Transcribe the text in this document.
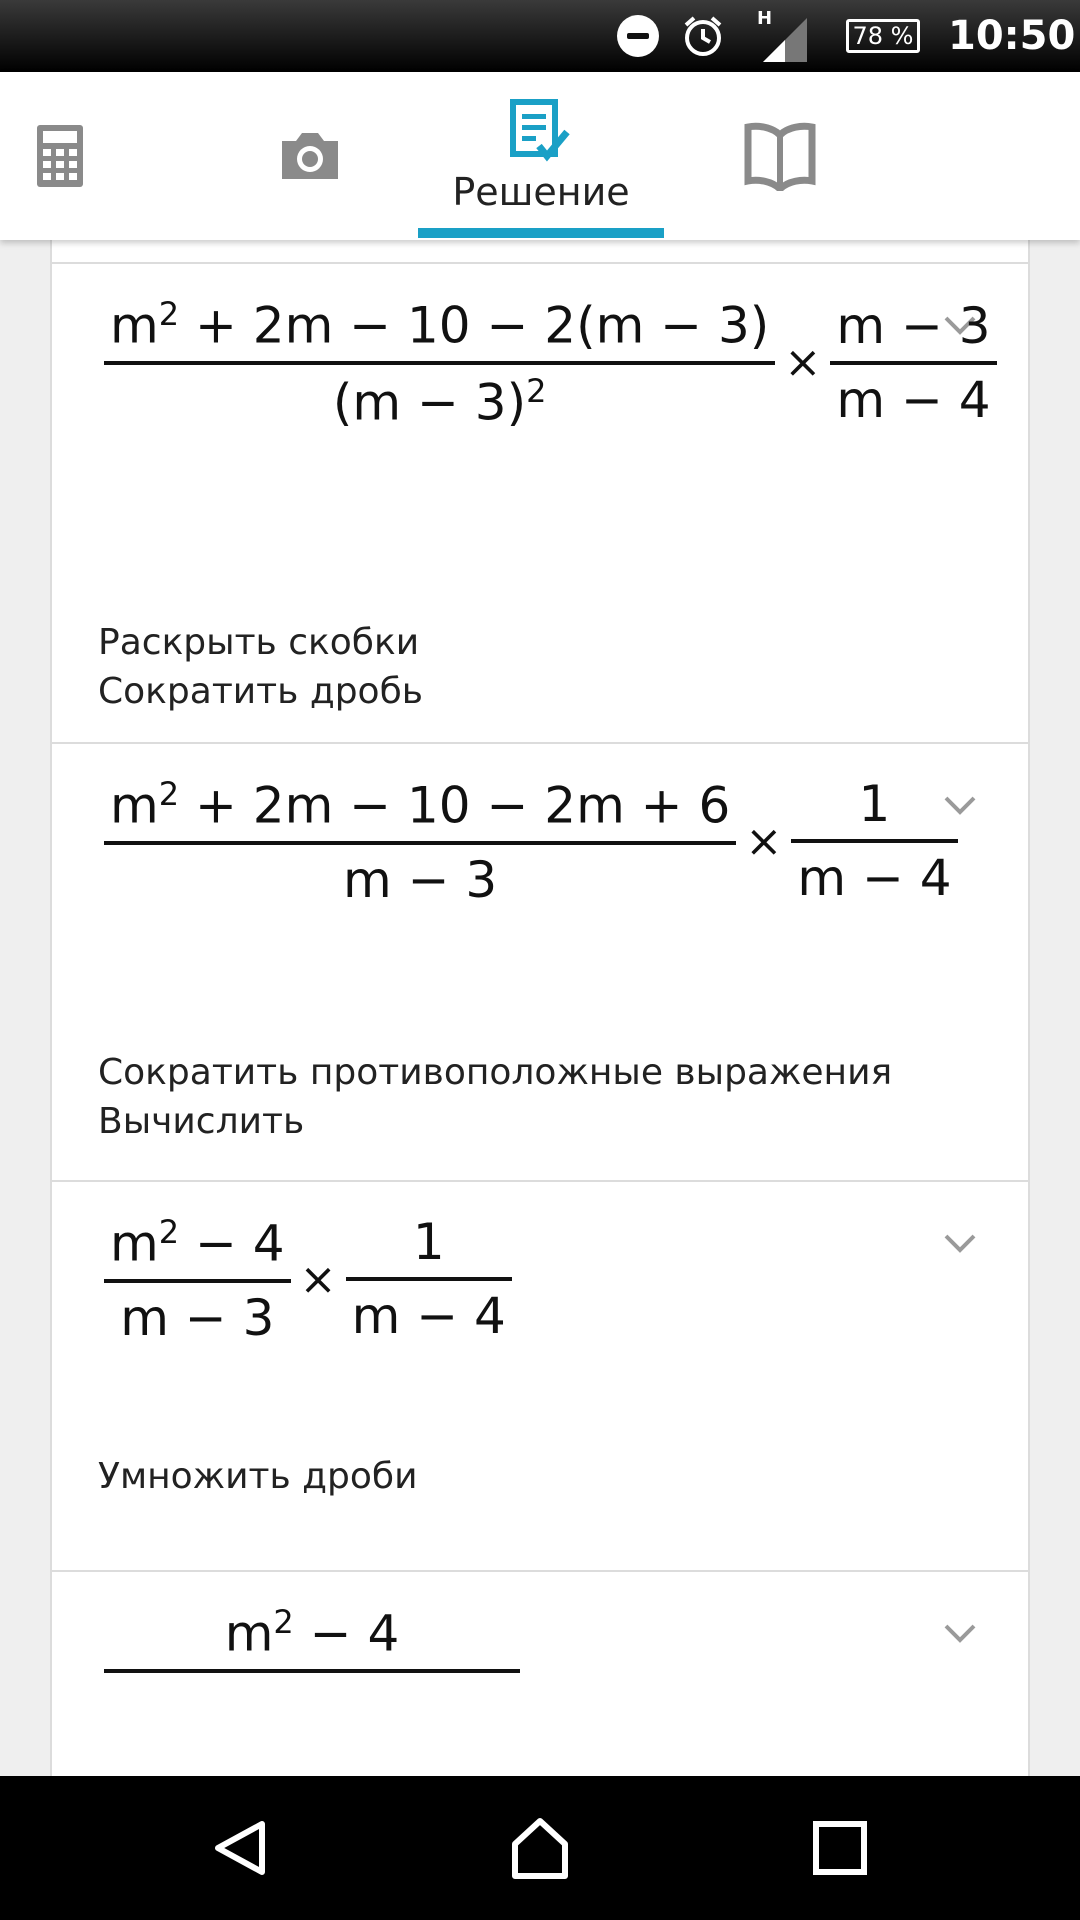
H
78 % 10:50
Решение
$\frac{m^2 + 2m - 10 - 2(m - 3)}{(m - 3)^2} \times \frac{m - 3}{m - 4}$
Раскрыть скобки
Сократить дробь
$\frac{m^2 + 2m - 10 - 2m + 6}{m - 3} \times \frac{1}{m - 4}$
Сократить противоположные выражения
Вычислить
$\frac{m^2 - 4}{m - 3} \times \frac{1}{m - 4}$
Умножить дроби
$m^2 - 4$
